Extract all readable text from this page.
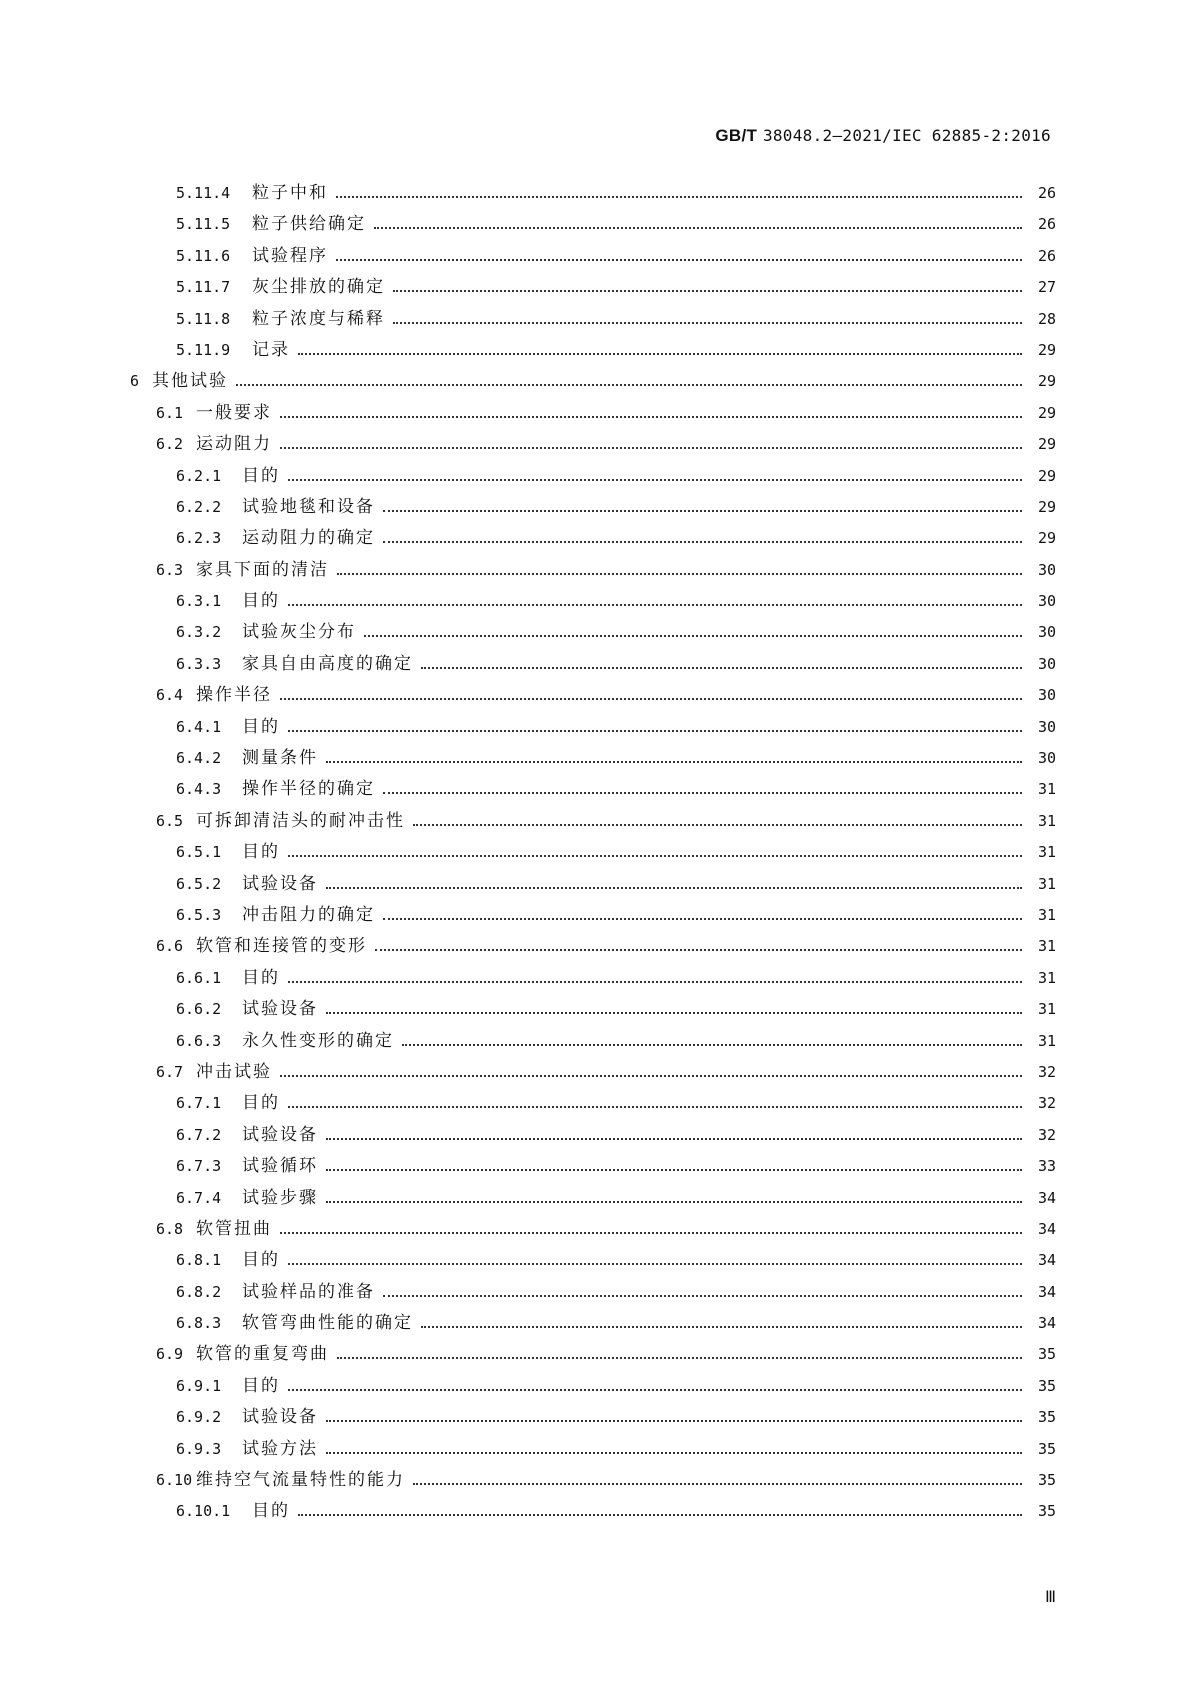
GB/T 38048.2—2021/IEC 62885-2:2016
5.11.4	粒子中和	26
5.11.5	粒子供给确定	26
5.11.6	试验程序	26
5.11.7	灰尘排放的确定	27
5.11.8	粒子浓度与稀释	28
5.11.9	记录	29
6 其他试验	29
6.1 一般要求	29
6.2 运动阻力	29
6.2.1	目的	29
6.2.2	试验地毯和设备	29
6.2.3	运动阻力的确定	29
6.3 家具下面的清洁	30
6.3.1	目的	30
6.3.2	试验灰尘分布	30
6.3.3	家具自由高度的确定	30
6.4 操作半径	30
6.4.1	目的	30
6.4.2	测量条件	30
6.4.3	操作半径的确定	31
6.5 可拆卸清洁头的耐冲击性	31
6.5.1	目的	31
6.5.2	试验设备	31
6.5.3	冲击阻力的确定	31
6.6 软管和连接管的变形	31
6.6.1	目的	31
6.6.2	试验设备	31
6.6.3	永久性变形的确定	31
6.7 冲击试验	32
6.7.1	目的	32
6.7.2	试验设备	32
6.7.3	试验循环	33
6.7.4	试验步骤	34
6.8 软管扭曲	34
6.8.1	目的	34
6.8.2	试验样品的准备	34
6.8.3	软管弯曲性能的确定	34
6.9 软管的重复弯曲	35
6.9.1	目的	35
6.9.2	试验设备	35
6.9.3	试验方法	35
6.10 维持空气流量特性的能力	35
6.10.1	目的	35
Ⅲ
